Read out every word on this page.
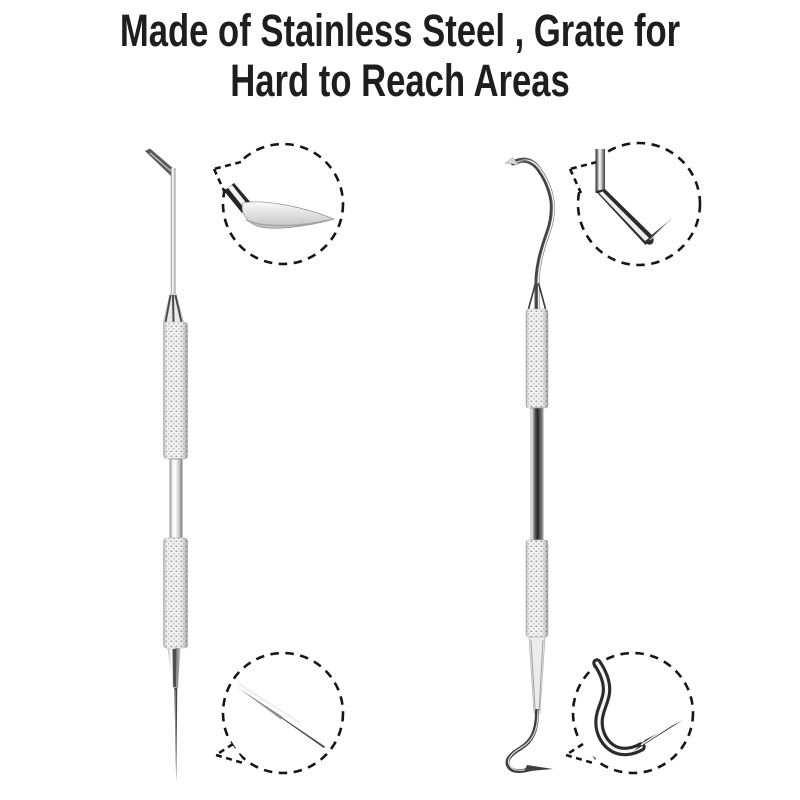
Made of Stainless Steel , Grate for
Hard to Reach Areas
